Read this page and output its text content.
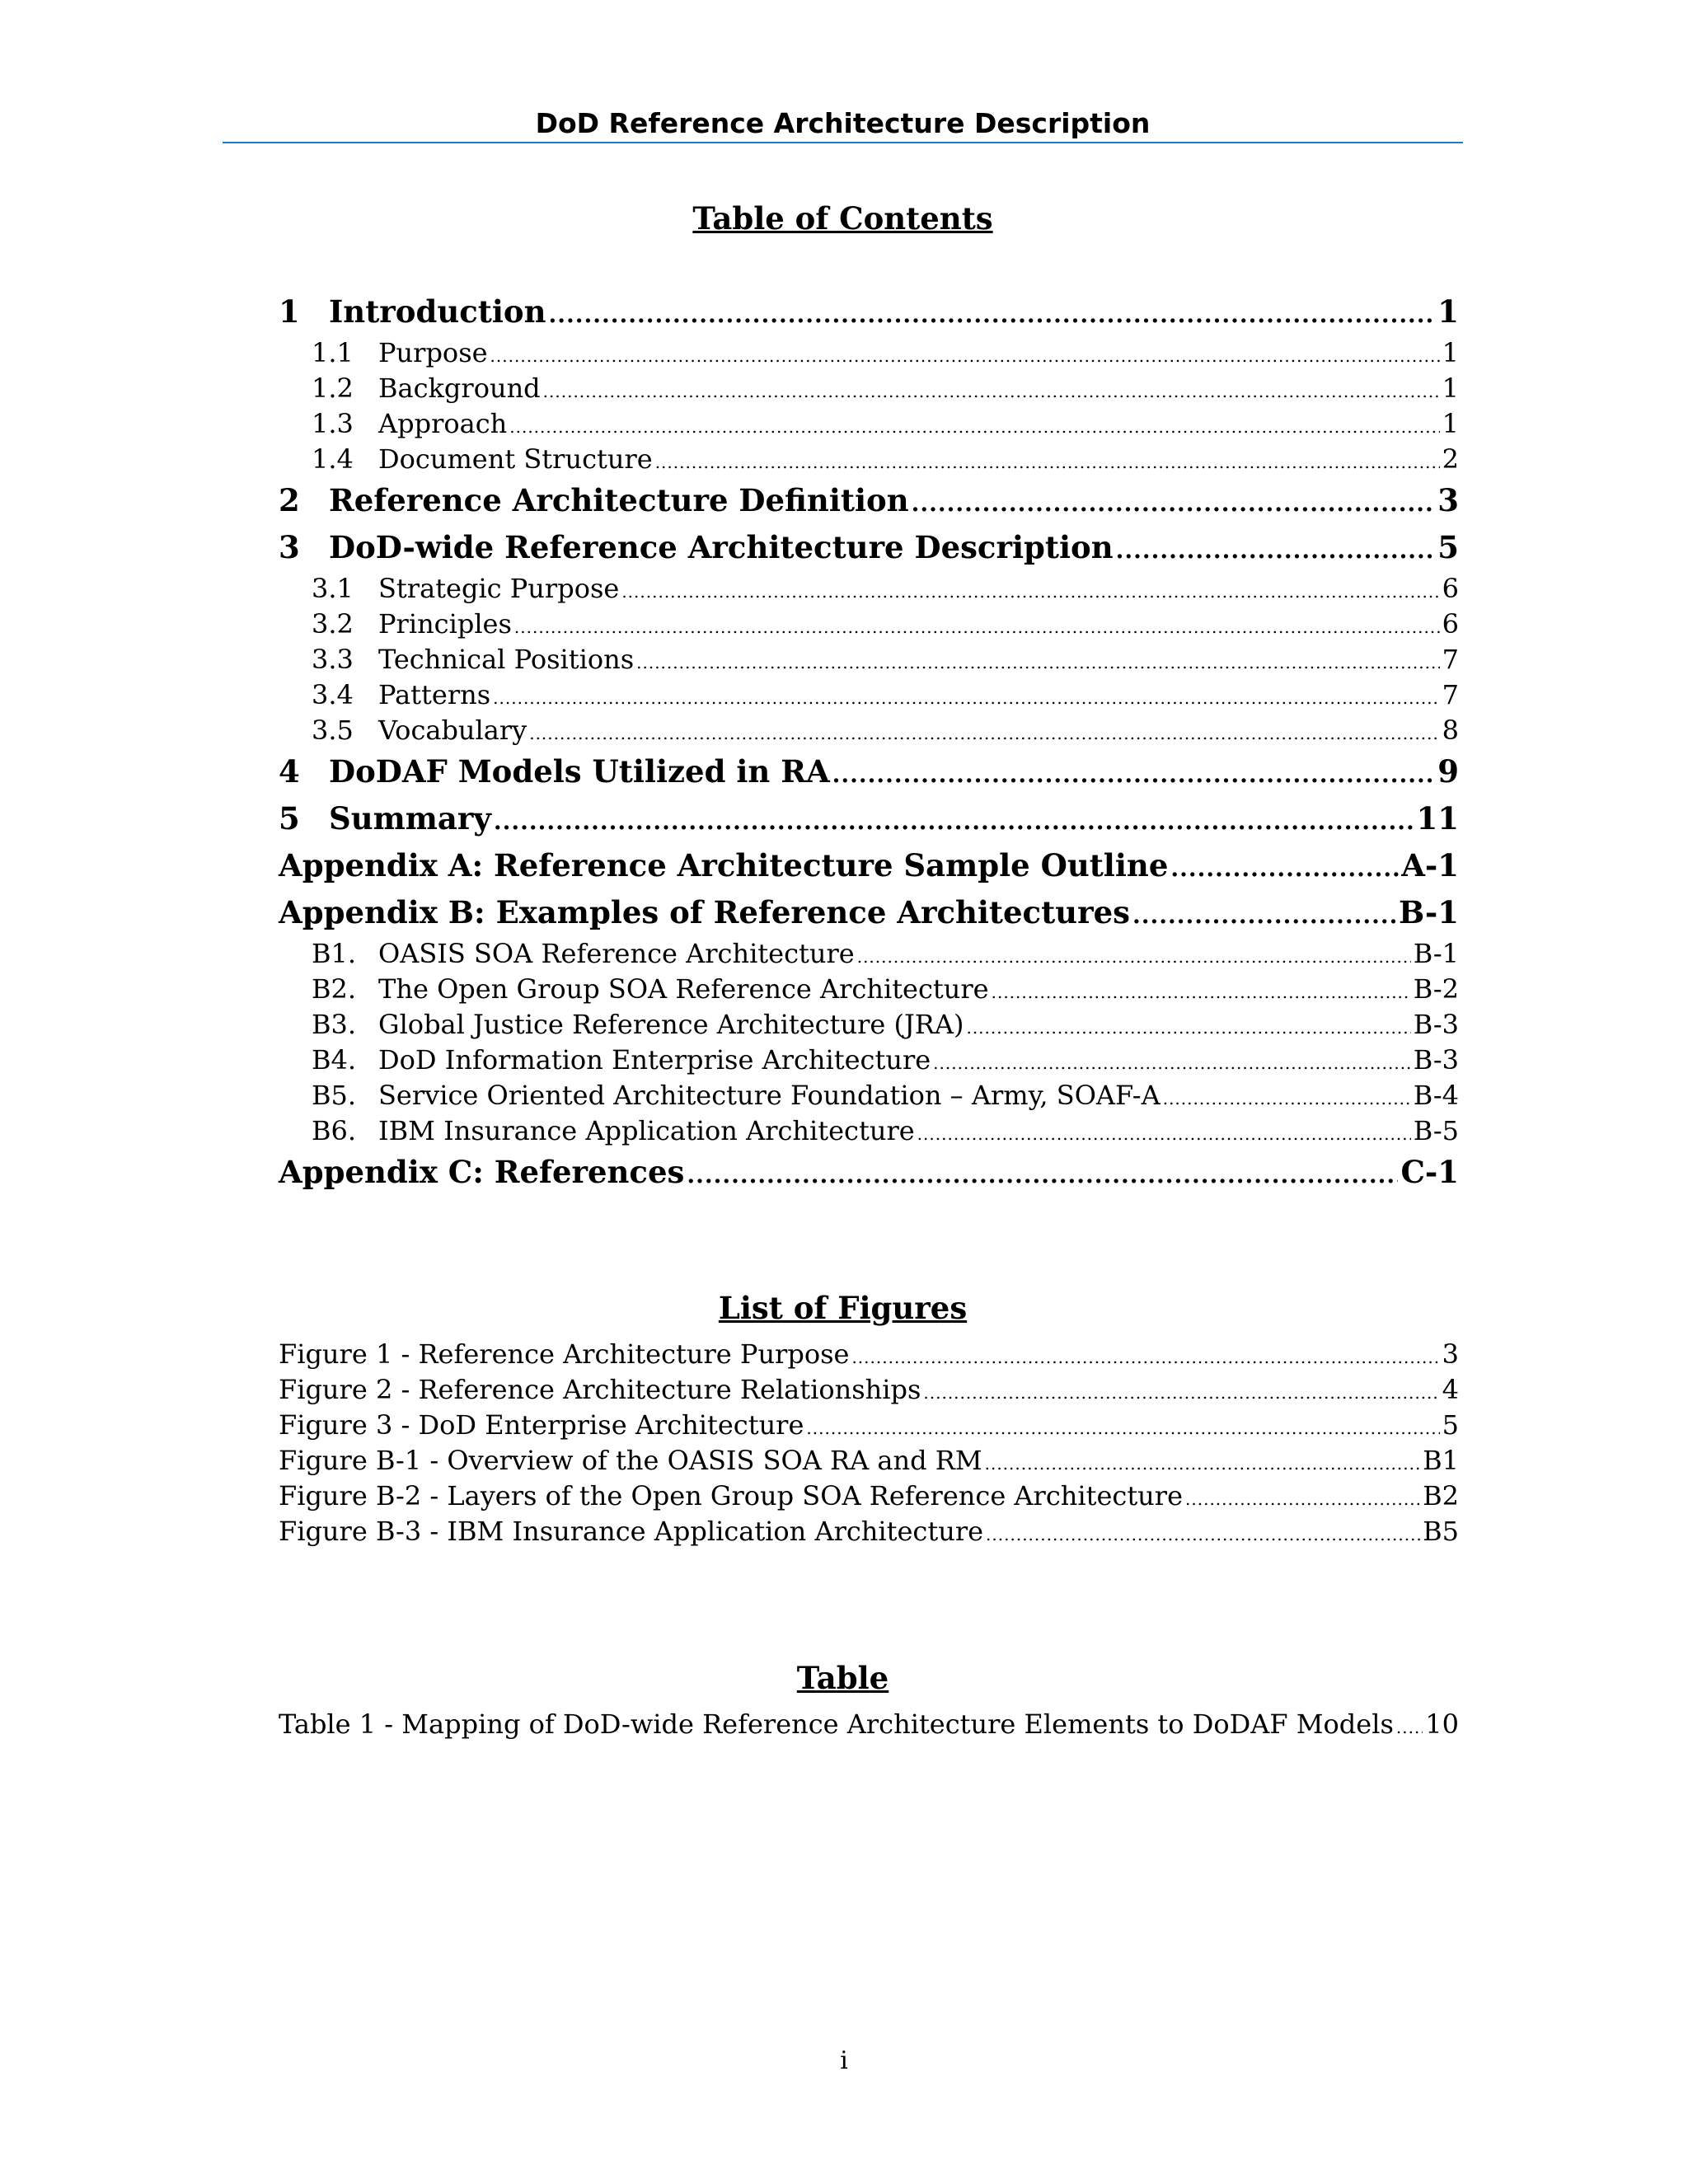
DoD Reference Architecture Description
Table of Contents
1 Introduction .....	1
1.1 Purpose .....	1
1.2 Background .....	1
1.3 Approach .....	1
1.4 Document Structure .....	2
2 Reference Architecture Definition .....	3
3 DoD-wide Reference Architecture Description .....	5
3.1 Strategic Purpose .....	6
3.2 Principles .....	6
3.3 Technical Positions .....	7
3.4 Patterns .....	7
3.5 Vocabulary .....	8
4 DoDAF Models Utilized in RA .....	9
5 Summary .....	11
Appendix A: Reference Architecture Sample Outline .....	A-1
Appendix B: Examples of Reference Architectures .....	B-1
B1. OASIS SOA Reference Architecture .....	B-1
B2. The Open Group SOA Reference Architecture .....	B-2
B3. Global Justice Reference Architecture (JRA) .....	B-3
B4. DoD Information Enterprise Architecture .....	B-3
B5. Service Oriented Architecture Foundation – Army, SOAF-A .....	B-4
B6. IBM Insurance Application Architecture .....	B-5
Appendix C: References .....	C-1
List of Figures
Figure 1 - Reference Architecture Purpose .....	3
Figure 2 - Reference Architecture Relationships .....	4
Figure 3 - DoD Enterprise Architecture .....	5
Figure B-1 - Overview of the OASIS SOA RA and RM .....	B1
Figure B-2 - Layers of the Open Group SOA Reference Architecture .....	B2
Figure B-3 - IBM Insurance Application Architecture .....	B5
Table
Table 1 - Mapping of DoD-wide Reference Architecture Elements to DoDAF Models ..... 10
i
